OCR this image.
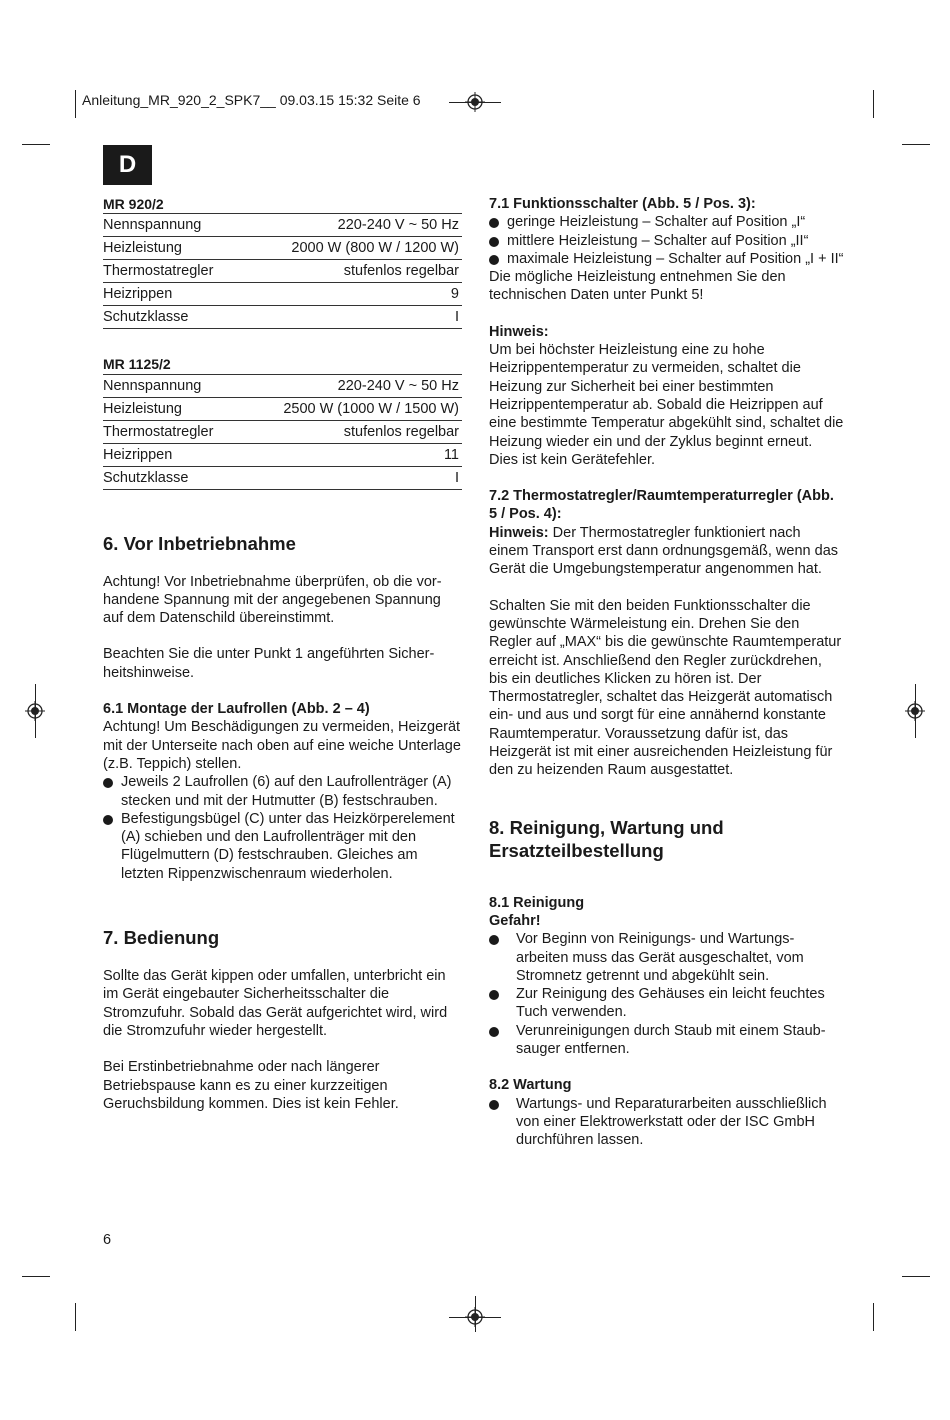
Anleitung_MR_920_2_SPK7__ 09.03.15 15:32 Seite 6
D

MR 920/2

Nennspannung	220-240 V ~ 50 Hz
Heizleistung	2000 W (800 W / 1200 W)
Thermostatregler	stufenlos regelbar
Heizrippen	9
Schutzklasse	I

MR 1125/2

Nennspannung	220-240 V ~ 50 Hz
Heizleistung	2500 W (1000 W / 1500 W)
Thermostatregler	stufenlos regelbar
Heizrippen	11
Schutzklasse	I
6. Vor Inbetriebnahme

Achtung! Vor Inbetriebnahme überprüfen, ob die vor- handene Spannung mit der angegebenen Spannung auf dem Datenschild übereinstimmt.

Beachten Sie die unter Punkt 1 angeführten Sicher- heitshinweise.

6.1 Montage der Laufrollen (Abb. 2 – 4)

Achtung! Um Beschädigungen zu vermeiden, Heizgerät mit der Unterseite nach oben auf eine weiche Unterlage (z.B. Teppich) stellen.

Jeweils 2 Laufrollen (6) auf den Laufrollenträger (A) stecken und mit der Hutmutter (B) festschrauben.
Befestigungsbügel (C) unter das Heizkörperelement (A) schieben und den Laufrollenträger mit den Flügelmuttern (D) festschrauben. Gleiches am letzten Rippenzwischenraum wiederholen.
7. Bedienung

Sollte das Gerät kippen oder umfallen, unterbricht ein im Gerät eingebauter Sicherheitsschalter die Stromzufuhr. Sobald das Gerät aufgerichtet wird, wird die Stromzufuhr wieder hergestellt.

Bei Erstinbetriebnahme oder nach längerer Betriebspause kann es zu einer kurzzeitigen Geruchsbildung kommen. Dies ist kein Fehler.

7.1 Funktionsschalter (Abb. 5 / Pos. 3):
geringe Heizleistung – Schalter auf Position „I“
mittlere Heizleistung – Schalter auf Position „II“
maximale Heizleistung – Schalter auf Position „I + II“

Die mögliche Heizleistung entnehmen Sie den technischen Daten unter Punkt 5!

Hinweis:

Um bei höchster Heizleistung eine zu hohe Heizrippentemperatur zu vermeiden, schaltet die Heizung zur Sicherheit bei einer bestimmten Heizrippentemperatur ab. Sobald die Heizrippen auf eine bestimmte Temperatur abgekühlt sind, schaltet die Heizung wieder ein und der Zyklus beginnt erneut. Dies ist kein Gerätefehler.

7.2 Thermostatregler/Raumtemperaturregler (Abb. 5 / Pos. 4):

Hinweis: Der Thermostatregler funktioniert nach einem Transport erst dann ordnungsgemäß, wenn das Gerät die Umgebungstemperatur angenommen hat.

Schalten Sie mit den beiden Funktionsschalter die gewünschte Wärmeleistung ein. Drehen Sie den Regler auf „MAX“ bis die gewünschte Raumtemperatur erreicht ist. Anschließend den Regler zurückdrehen, bis ein deutliches Klicken zu hören ist. Der Thermostatregler, schaltet das Heizgerät automatisch ein- und aus und sorgt für eine annähernd konstante Raumtemperatur. Voraussetzung dafür ist, das Heizgerät ist mit einer ausreichenden Heizleistung für den zu heizenden Raum ausgestattet.

8. Reinigung, Wartung und Ersatzteilbestellung
8.1 Reinigung
Gefahr!
Vor Beginn von Reinigungs- und Wartungs- arbeiten muss das Gerät ausgeschaltet, vom Stromnetz getrennt und abgekühlt sein.
Zur Reinigung des Gehäuses ein leicht feuchtes Tuch verwenden.
Verunreinigungen durch Staub mit einem Staub- sauger entfernen.
8.2 Wartung
Wartungs- und Reparaturarbeiten ausschließlich von einer Elektrowerkstatt oder der ISC GmbH durchführen lassen.
6
